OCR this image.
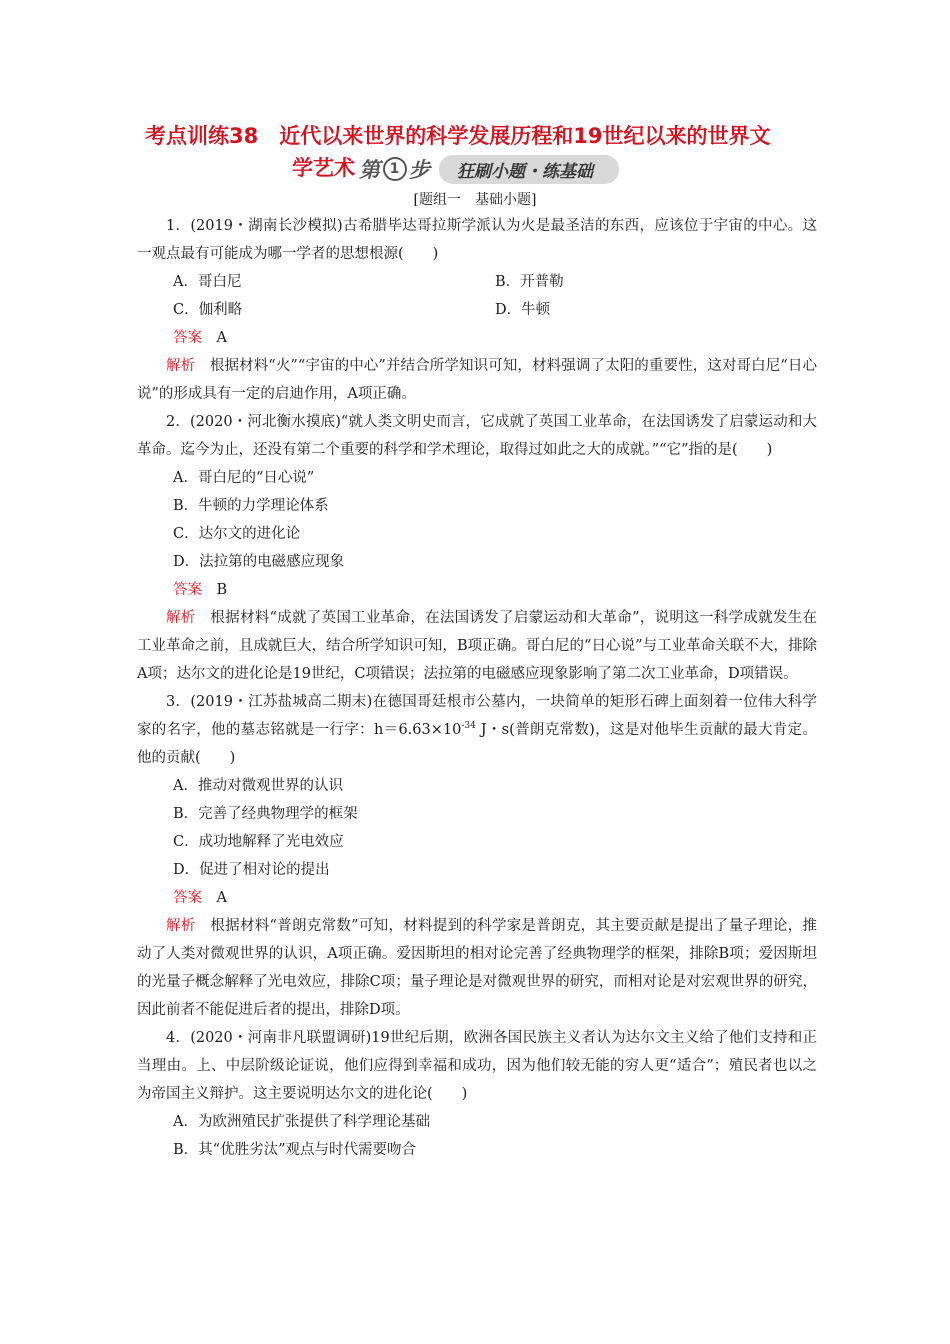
考点训练38　近代以来世界的科学发展历程和19世纪以来的世界文
学艺术 第 1 步	狂刷小题・练基础
[题组一　基础小题]

1．(2019・湖南长沙模拟)古希腊毕达哥拉斯学派认为火是最圣洁的东西，应该位于宇宙的中心。这一观点最有可能成为哪一学者的思想根源(　　)

A．哥白尼	B．开普勒
C．伽利略	D．牛顿

答案　 A

解析　 根据材料“火”“宇宙的中心”并结合所学知识可知，材料强调了太阳的重要性，这对哥白尼“日心说”的形成具有一定的启迪作用，A项正确。

2．(2020・河北衡水摸底)“就人类文明史而言，它成就了英国工业革命，在法国诱发了启蒙运动和大革命。迄今为止，还没有第二个重要的科学和学术理论，取得过如此之大的成就。”“它”指的是(　　)

A．哥白尼的“日心说”

B．牛顿的力学理论体系

C．达尔文的进化论

D．法拉第的电磁感应现象

答案　 B

解析　 根据材料“成就了英国工业革命，在法国诱发了启蒙运动和大革命”，说明这一科学成就发生在工业革命之前，且成就巨大，结合所学知识可知，B项正确。哥白尼的“日心说”与工业革命关联不大，排除A项；达尔文的进化论是19世纪，C项错误；法拉第的电磁感应现象影响了第二次工业革命，D项错误。

3．(2019・江苏盐城高二期末)在德国哥廷根市公墓内，一块简单的矩形石碑上面刻着一位伟大科学家的名字，他的墓志铭就是一行字：$h=6.63\times 10^{-34}$ J・s(普朗克常数)，这是对他毕生贡献的最大肯定。他的贡献(　　)

A．推动对微观世界的认识

B．完善了经典物理学的框架

C．成功地解释了光电效应

D．促进了相对论的提出

答案　 A

解析　 根据材料“普朗克常数”可知，材料提到的科学家是普朗克，其主要贡献是提出了量子理论，推动了人类对微观世界的认识，A项正确。爱因斯坦的相对论完善了经典物理学的框架，排除B项；爱因斯坦的光量子概念解释了光电效应，排除C项；量子理论是对微观世界的研究，而相对论是对宏观世界的研究，因此前者不能促进后者的提出，排除D项。

4．(2020・河南非凡联盟调研)19世纪后期，欧洲各国民族主义者认为达尔文主义给了他们支持和正当理由。上、中层阶级论证说，他们应得到幸福和成功，因为他们较无能的穷人更“适合”；殖民者也以之为帝国主义辩护。这主要说明达尔文的进化论(　　)

A．为欧洲殖民扩张提供了科学理论基础

B．其“优胜劣汰”观点与时代需要吻合
